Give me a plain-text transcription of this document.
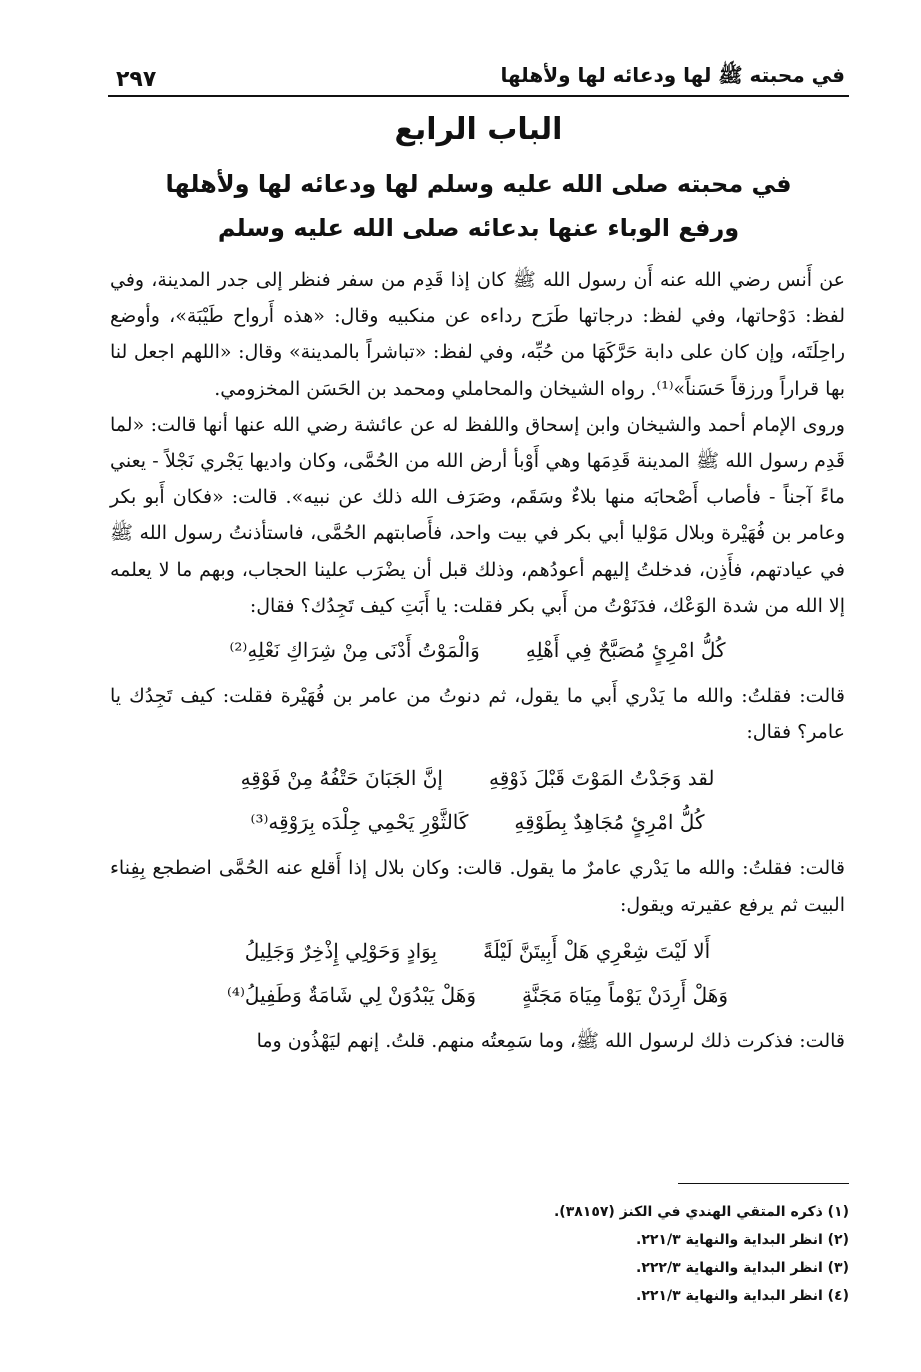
في محبته ﷺ لها ودعائه لها ولأهلها
٢٩٧
الباب الرابع
في محبته صلى الله عليه وسلم لها ودعائه لها ولأهلها
ورفع الوباء عنها بدعائه صلى الله عليه وسلم

عن أَنس رضي الله عنه أَن رسول الله ﷺ كان إذا قَدِم من سفر فنظر إلى جدر المدينة، وفي لفظ: دَوْحاتها، وفي لفظ: درجاتها طَرَح رداءه عن منكبيه وقال: «هذه أَرواح طَيْبَة»، وأوضع راحِلَتَه، وإن كان على دابة حَرَّكَهَا من حُبِّه، وفي لفظ: «تباشراً بالمدينة» وقال: «اللهم اجعل لنا بها قراراً ورزقاً حَسَناً»⁽¹⁾. رواه الشيخان والمحاملي ومحمد بن الحَسَن المخزومي.

وروى الإمام أحمد والشيخان وابن إسحاق واللفظ له عن عائشة رضي الله عنها أنها قالت: «لما قَدِم رسول الله ﷺ المدينة قَدِمَها وهي أَوْبأ أرض الله من الحُمَّى، وكان واديها يَجْري نَجْلاً - يعني ماءً آجناً - فأصاب أَصْحابَه منها بلاءٌ وسَقَم، وصَرَف الله ذلك عن نبيه». قالت: «فكان أَبو بكر وعامر بن فُهَيْرة وبلال مَوْليا أبي بكر في بيت واحد، فأَصابتهم الحُمَّى، فاستأذنتُ رسول الله ﷺ في عيادتهم، فأَذِن، فدخلتُ إليهم أعودُهم، وذلك قبل أن يضْرَب علينا الحجاب، وبهم ما لا يعلمه إلا الله من شدة الوَعْك، فدَنَوْتُ من أَبي بكر فقلت: يا أَبَتِ كيف تَجِدُك؟ فقال:

كُلُّ امْرِئٍ مُصَبَّحٌ فِي أَهْلِهِ
وَالْمَوْتُ أَدْنَى مِنْ شِرَاكِ نَعْلِهِ⁽²⁾

قالت: فقلتُ: والله ما يَدْري أَبي ما يقول، ثم دنوتُ من عامر بن فُهَيْرة فقلت: كيف تَجِدُك يا عامر؟ فقال:

لقد وَجَدْتُ المَوْتَ قَبْلَ ذَوْقِهِ
إنَّ الجَبَانَ حَتْفُهُ مِنْ فَوْقِهِ
كُلُّ امْرِئٍ مُجَاهِدٌ بِطَوْقِهِ
كَالثَّوْرِ يَحْمِي جِلْدَه بِرَوْقِه⁽³⁾

قالت: فقلتُ: والله ما يَدْري عامرٌ ما يقول. قالت: وكان بلال إذا أَقلع عنه الحُمَّى اضطجع بِفِناء البيت ثم يرفع عقيرته ويقول:

أَلا لَيْتَ شِعْرِي هَلْ أَبِيتَنَّ لَيْلَةً
بِوَادٍ وَحَوْلِي إِذْخِرٌ وَجَلِيلُ
وَهَلْ أَرِدَنْ يَوْماً مِيَاهَ مَجَنَّةٍ
وَهَلْ يَبْدُوَنْ لِي شَامَةٌ وَطَفِيلُ⁽⁴⁾

قالت: فذكرت ذلك لرسول الله ﷺ، وما سَمِعتُه منهم. قلتُ. إنهم ليَهْذُون وما

(١) ذكره المتقي الهندي في الكنز (٣٨١٥٧).
(٢) انظر البداية والنهاية ٢٢١/٣.
(٣) انظر البداية والنهاية ٢٢٢/٣.
(٤) انظر البداية والنهاية ٢٢١/٣.
